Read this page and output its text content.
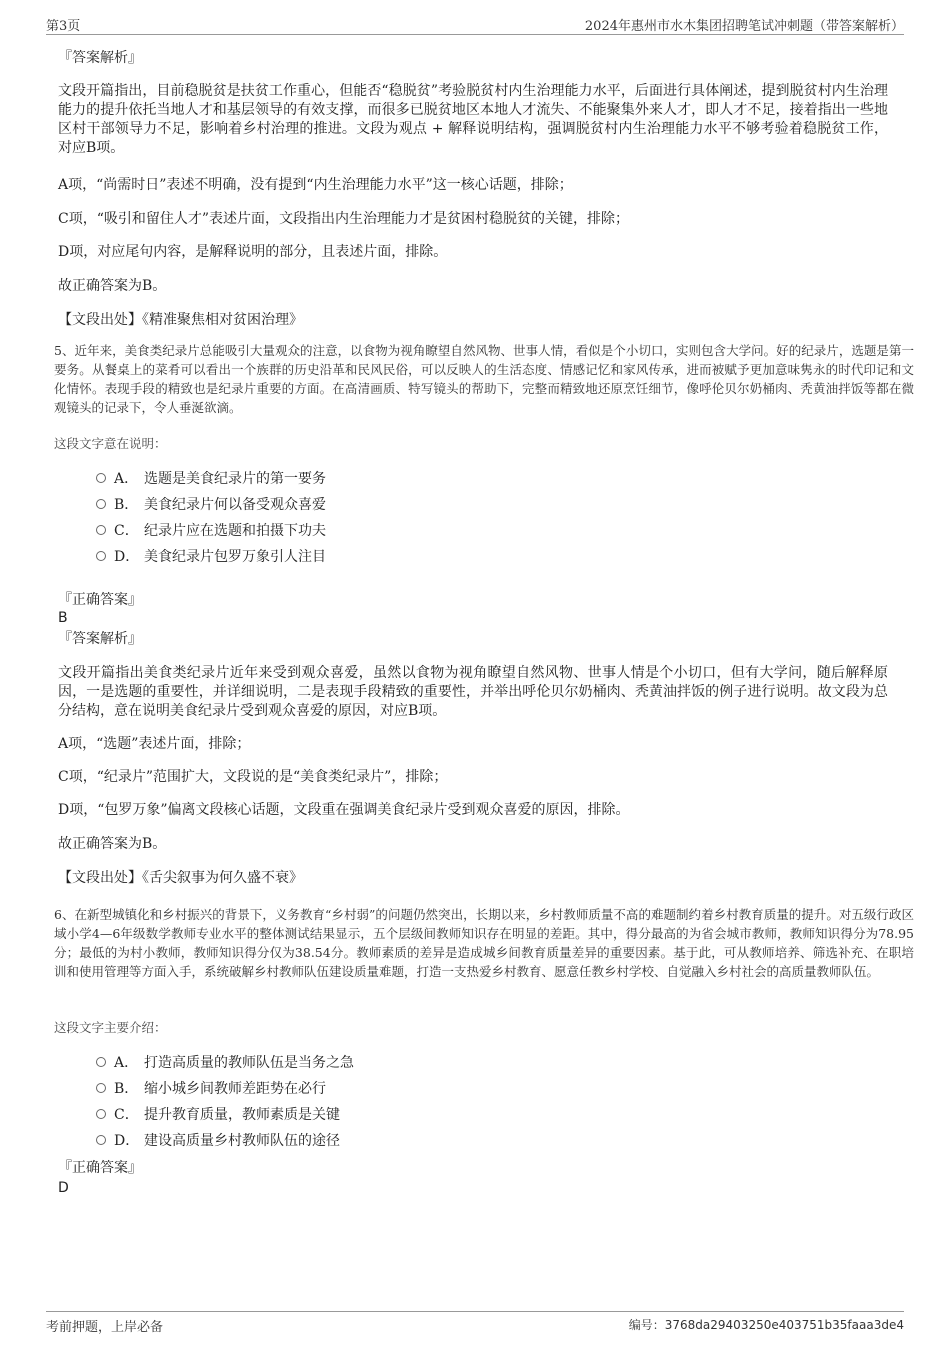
第3页	2024年惠州市水木集团招聘笔试冲刺题（带答案解析）
『答案解析』
文段开篇指出，目前稳脱贫是扶贫工作重心，但能否“稳脱贫”考验脱贫村内生治理能力水平，后面进行具体阐述，提到脱贫村内生治理能力的提升依托当地人才和基层领导的有效支撑，而很多已脱贫地区本地人才流失、不能聚集外来人才，即人才不足，接着指出一些地区村干部领导力不足，影响着乡村治理的推进。文段为观点 + 解释说明结构，强调脱贫村内生治理能力水平不够考验着稳脱贫工作，对应B项。
A项，“尚需时日”表述不明确，没有提到“内生治理能力水平”这一核心话题，排除；
C项，“吸引和留住人才”表述片面，文段指出内生治理能力才是贫困村稳脱贫的关键，排除；
D项，对应尾句内容，是解释说明的部分，且表述片面，排除。
故正确答案为B。
【文段出处】《精准聚焦相对贫困治理》
5、近年来，美食类纪录片总能吸引大量观众的注意，以食物为视角瞭望自然风物、世事人情，看似是个小切口，实则包含大学问。好的纪录片，选题是第一要务。从餐桌上的菜肴可以看出一个族群的历史沿革和民风民俗，可以反映人的生活态度、情感记忆和家风传承，进而被赋予更加意味隽永的时代印记和文化情怀。表现手段的精致也是纪录片重要的方面。在高清画质、特写镜头的帮助下，完整而精致地还原烹饪细节，像呼伦贝尔奶桶肉、秃黄油拌饭等都在微观镜头的记录下，令人垂涎欲滴。
这段文字意在说明：
A． 选题是美食纪录片的第一要务
B． 美食纪录片何以备受观众喜爱
C． 纪录片应在选题和拍摄下功夫
D． 美食纪录片包罗万象引人注目
『正确答案』
B
『答案解析』
文段开篇指出美食类纪录片近年来受到观众喜爱，虽然以食物为视角瞭望自然风物、世事人情是个小切口，但有大学问，随后解释原因，一是选题的重要性，并详细说明，二是表现手段精致的重要性，并举出呼伦贝尔奶桶肉、秃黄油拌饭的例子进行说明。故文段为总分结构，意在说明美食纪录片受到观众喜爱的原因，对应B项。
A项，“选题”表述片面，排除；
C项，“纪录片”范围扩大，文段说的是“美食类纪录片”，排除；
D项，“包罗万象”偏离文段核心话题，文段重在强调美食纪录片受到观众喜爱的原因，排除。
故正确答案为B。
【文段出处】《舌尖叙事为何久盛不衰》
6、在新型城镇化和乡村振兴的背景下，义务教育“乡村弱”的问题仍然突出，长期以来，乡村教师质量不高的难题制约着乡村教育质量的提升。对五级行政区域小学4—6年级数学教师专业水平的整体测试结果显示，五个层级间教师知识存在明显的差距。其中，得分最高的为省会城市教师，教师知识得分为78.95分；最低的为村小教师，教师知识得分仅为38.54分。教师素质的差异是造成城乡间教育质量差异的重要因素。基于此，可从教师培养、筛选补充、在职培训和使用管理等方面入手，系统破解乡村教师队伍建设质量难题，打造一支热爱乡村教育、愿意任教乡村学校、自觉融入乡村社会的高质量教师队伍。
这段文字主要介绍：
A． 打造高质量的教师队伍是当务之急
B． 缩小城乡间教师差距势在必行
C． 提升教育质量，教师素质是关键
D． 建设高质量乡村教师队伍的途径
『正确答案』
D
考前押题，上岸必备	编号：3768da29403250e403751b35faaa3de4
